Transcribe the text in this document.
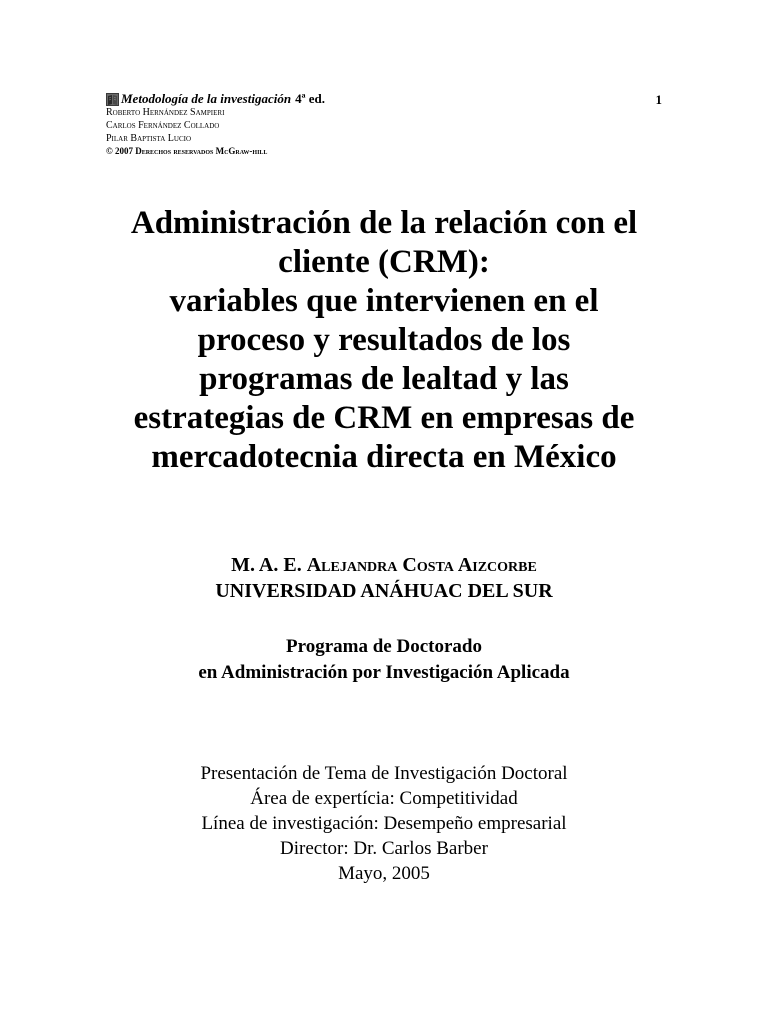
Metodología de la investigación 4ª ed.	1
Roberto Hernández Sampieri
Carlos Fernández Collado
Pilar Baptista Lucio
© 2007 Derechos reservados McGraw-hill
Administración de la relación con el
cliente (CRM):
variables que intervienen en el
proceso y resultados de los
programas de lealtad y las
estrategias de CRM en empresas de
mercadotecnia directa en México
M. A. E. Alejandra Costa Aizcorbe
UNIVERSIDAD ANÁHUAC DEL SUR
Programa de Doctorado
en Administración por Investigación Aplicada
Presentación de Tema de Investigación Doctoral
Área de expertícia: Competitividad
Línea de investigación: Desempeño empresarial
Director: Dr. Carlos Barber
Mayo, 2005
